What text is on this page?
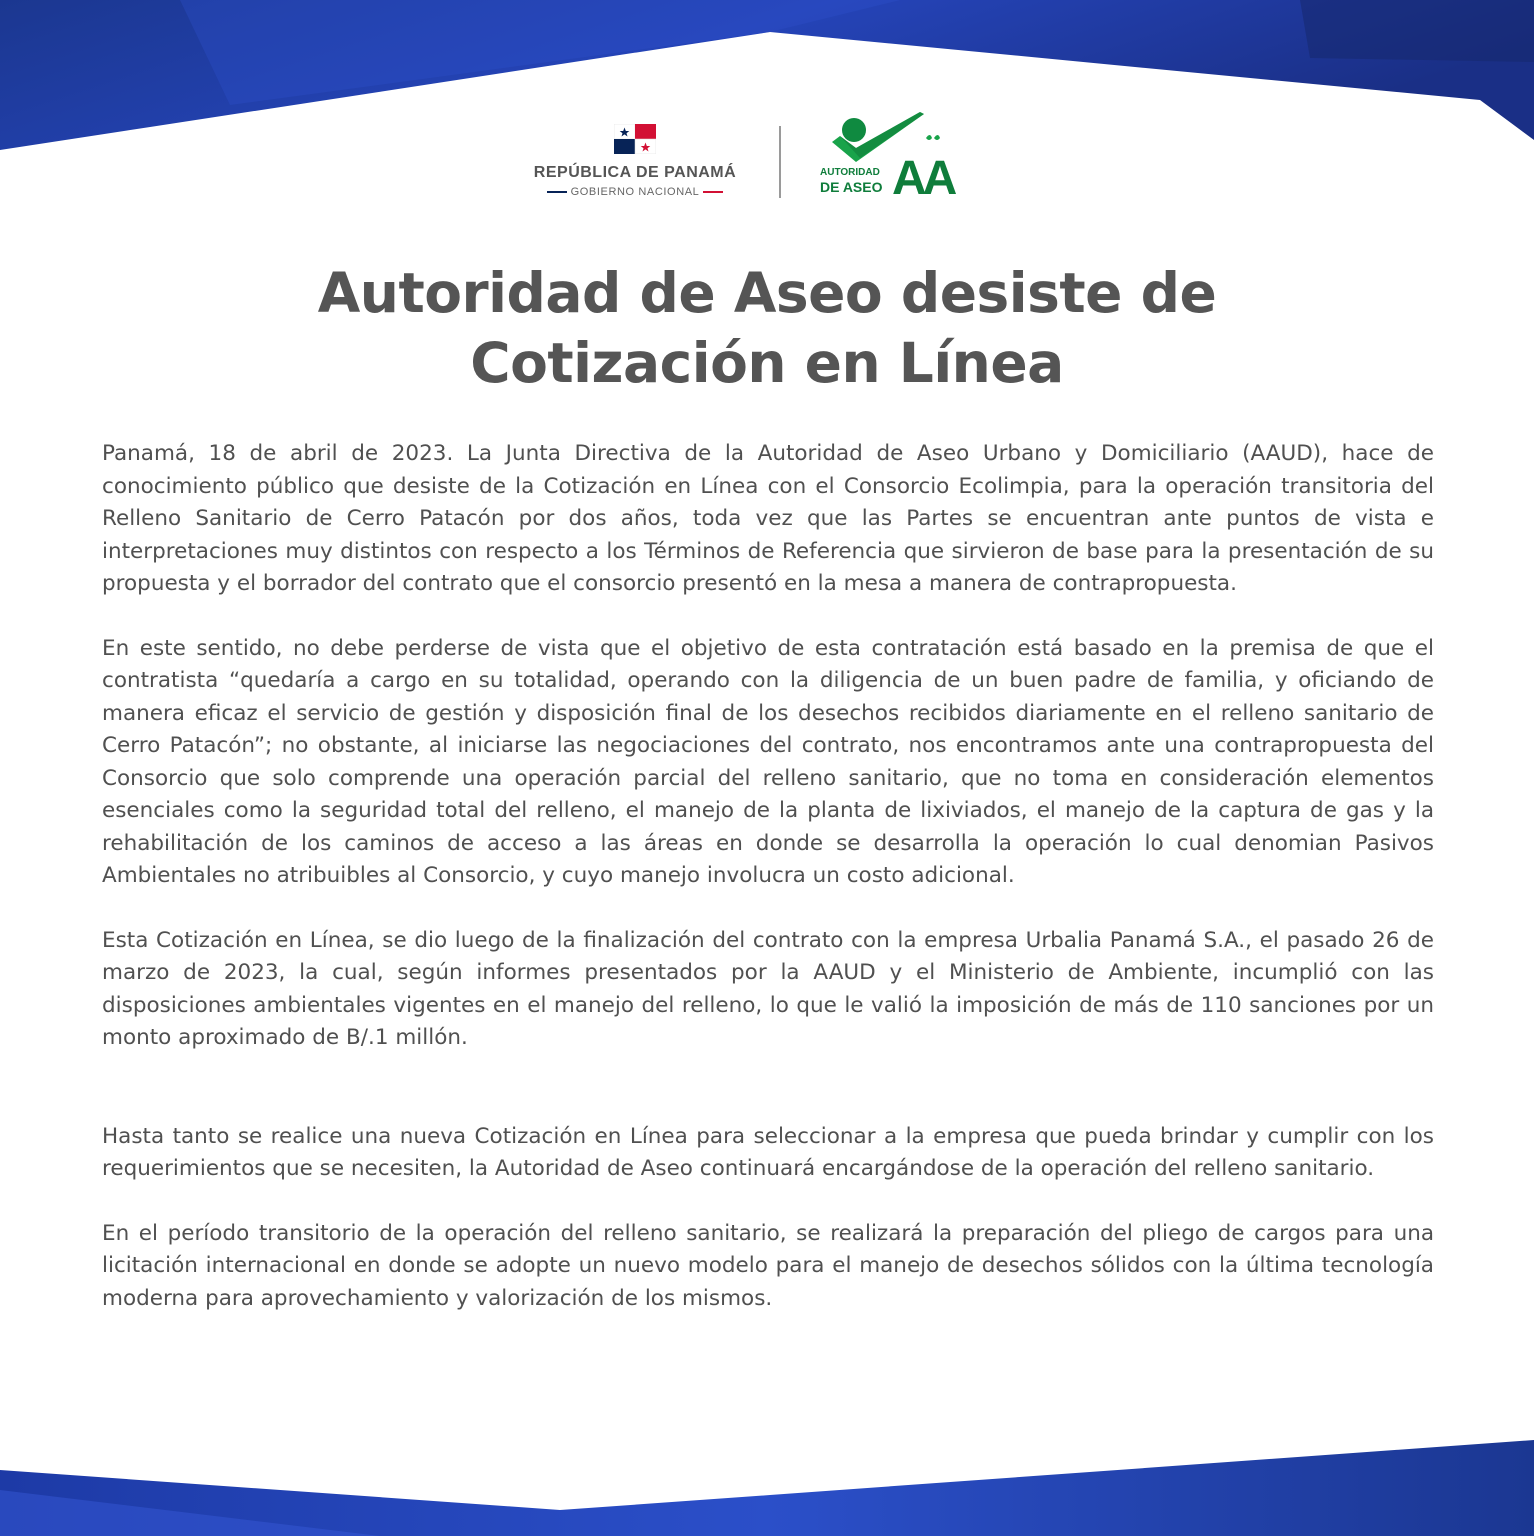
REPÚBLICA DE PANAMÁ
GOBIERNO NACIONAL	AA
AUTORIDAD
DE ASEO
Autoridad de Aseo desiste de
Cotización en Línea

Panamá, 18 de abril de 2023. La Junta Directiva de la Autoridad de Aseo Urbano y Domiciliario (AAUD), hace de conocimiento público que desiste de la Cotización en Línea con el Consorcio Ecolimpia, para la operación transitoria del Relleno Sanitario de Cerro Patacón por dos años, toda vez que las Partes se encuentran ante puntos de vista e interpretaciones muy distintos con respecto a los Términos de Referencia que sirvieron de base para la presentación de su propuesta y el borrador del contrato que el consorcio presentó en la mesa a manera de contrapropuesta.

En este sentido, no debe perderse de vista que el objetivo de esta contratación está basado en la premisa de que el contratista “quedaría a cargo en su totalidad, operando con la diligencia de un buen padre de familia, y oficiando de manera eficaz el servicio de gestión y disposición final de los desechos recibidos diariamente en el relleno sanitario de Cerro Patacón”; no obstante, al iniciarse las negociaciones del contrato, nos encontramos ante una contrapropuesta del Consorcio que solo comprende una operación parcial del relleno sanitario, que no toma en consideración elementos esenciales como la seguridad total del relleno, el manejo de la planta de lixiviados, el manejo de la captura de gas y la rehabilitación de los caminos de acceso a las áreas en donde se desarrolla la operación lo cual denomian Pasivos Ambientales no atribuibles al Consorcio, y cuyo manejo involucra un costo adicional.

Esta Cotización en Línea, se dio luego de la finalización del contrato con la empresa Urbalia Panamá S.A., el pasado 26 de marzo de 2023, la cual, según informes presentados por la AAUD y el Ministerio de Ambiente, incumplió con las disposiciones ambientales vigentes en el manejo del relleno, lo que le valió la imposición de más de 110 sanciones por un monto aproximado de B/.1 millón.

Hasta tanto se realice una nueva Cotización en Línea para seleccionar a la empresa que pueda brindar y cumplir con los requerimientos que se necesiten, la Autoridad de Aseo continuará encargándose de la operación del relleno sanitario.

En el período transitorio de la operación del relleno sanitario, se realizará la preparación del pliego de cargos para una licitación internacional en donde se adopte un nuevo modelo para el manejo de desechos sólidos con la última tecnología moderna para aprovechamiento y valorización de los mismos.
